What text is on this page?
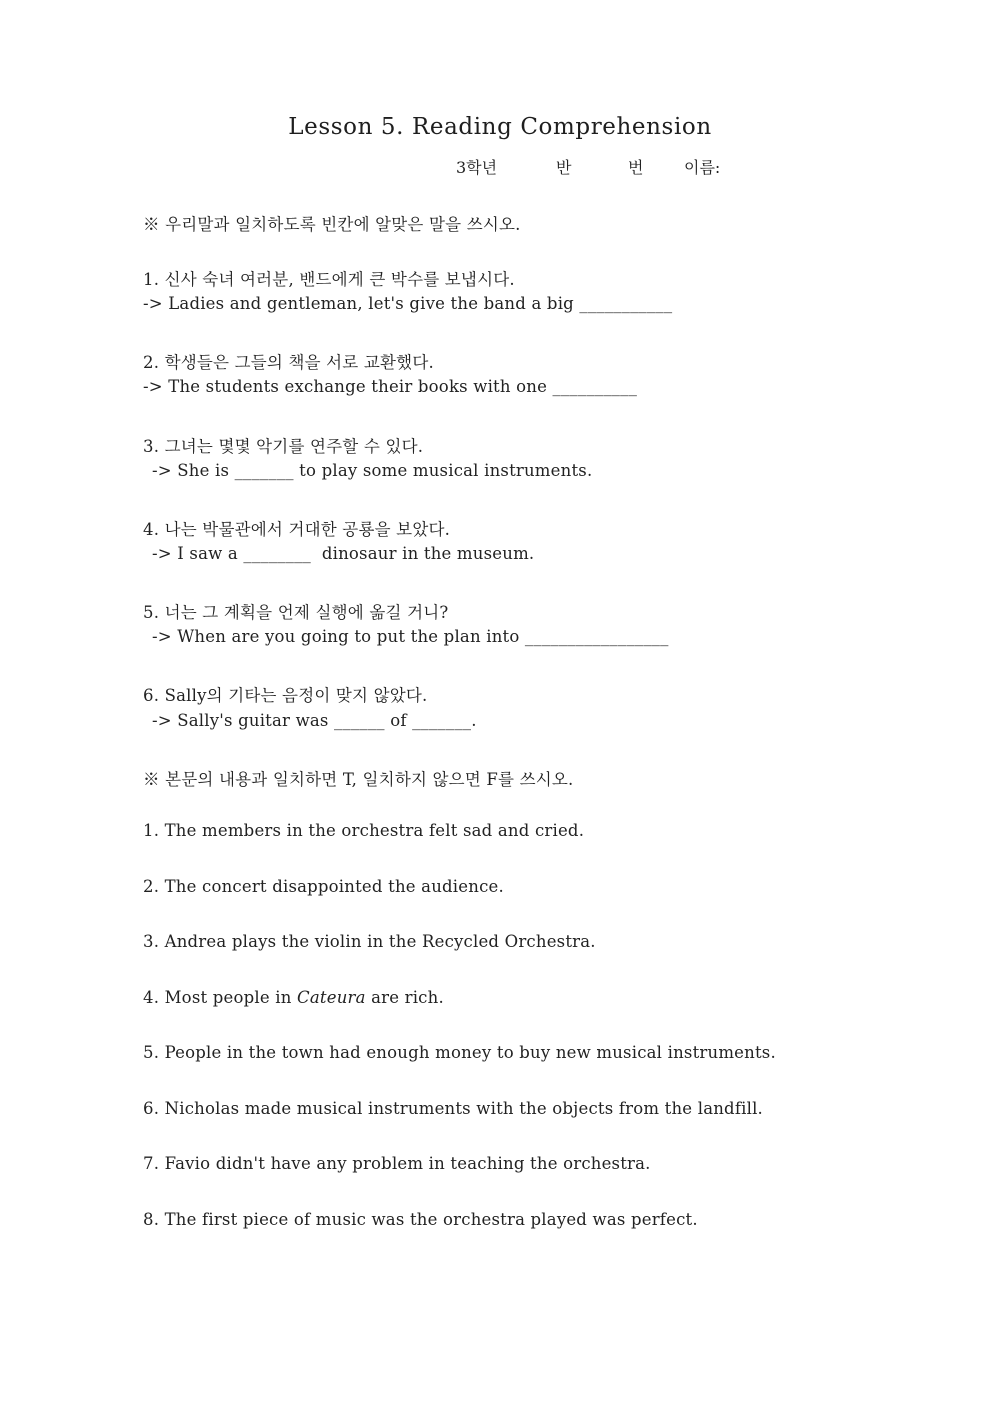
Lesson 5. Reading Comprehension
3학년	반	번	이름:
※ 우리말과 일치하도록 빈칸에 알맞은 말을 쓰시오.
1. 신사 숙녀 여러분, 밴드에게 큰 박수를 보냅시다.
-> Ladies and gentleman, let's give the band a big ___________
2. 학생들은 그들의 책을 서로 교환했다.
-> The students exchange their books with one __________
3. 그녀는 몇몇 악기를 연주할 수 있다.
-> She is _______ to play some musical instruments.
4. 나는 박물관에서 거대한 공룡을 보았다.
-> I saw a ________  dinosaur in the museum.
5. 너는 그 계획을 언제 실행에 옮길 거니?
-> When are you going to put the plan into _________________
6. Sally의 기타는 음정이 맞지 않았다.
-> Sally's guitar was ______ of _______.
※ 본문의 내용과 일치하면 T, 일치하지 않으면 F를 쓰시오.
1. The members in the orchestra felt sad and cried.
2. The concert disappointed the audience.
3. Andrea plays the violin in the Recycled Orchestra.
4. Most people in Cateura are rich.
5. People in the town had enough money to buy new musical instruments.
6. Nicholas made musical instruments with the objects from the landfill.
7. Favio didn't have any problem in teaching the orchestra.
8. The first piece of music was the orchestra played was perfect.
